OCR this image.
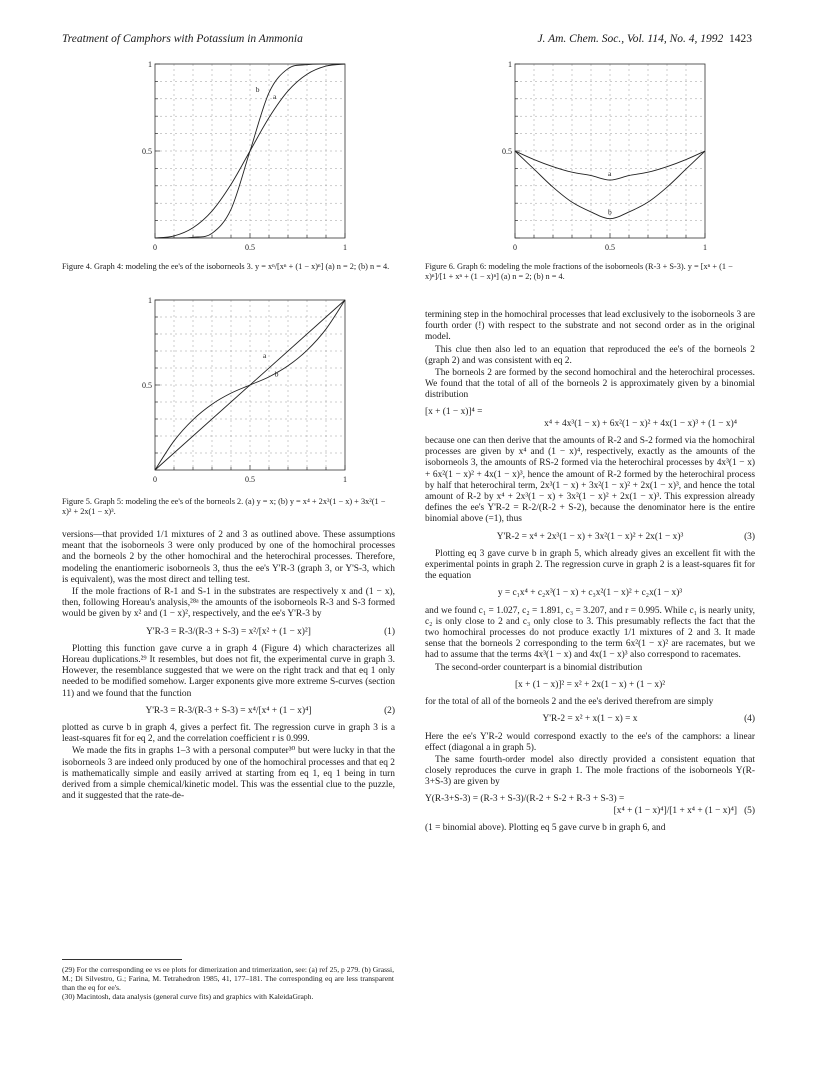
Treatment of Camphors with Potassium in Ammonia	J. Am. Chem. Soc., Vol. 114, No. 4, 1992 1423
0	0.5	1
0.5
1
a
b
0	0.5	1
0.5
1
a
b
0	0.5	1
0.5
1
a
b
Figure 4. Graph 4: modeling the ee's of the isoborneols 3. y = xⁿ/[xⁿ + (1 − x)ⁿ] (a) n = 2; (b) n = 4.
Figure 5. Graph 5: modeling the ee's of the borneols 2. (a) y = x; (b) y = x⁴ + 2x³(1 − x) + 3x²(1 − x)² + 2x(1 − x)³.
Figure 6. Graph 6: modeling the mole fractions of the isoborneols (R-3 + S-3). y = [xⁿ + (1 − x)ⁿ]/[1 + xⁿ + (1 − x)ⁿ] (a) n = 2; (b) n = 4.

versions—that provided 1/1 mixtures of 2 and 3 as outlined above. These assumptions meant that the isoborneols 3 were only produced by one of the homochiral processes and the borneols 2 by the other homochiral and the heterochiral processes. Therefore, modeling the enantiomeric isoborneols 3, thus the ee's Y'R-3 (graph 3, or Y'S-3, which is equivalent), was the most direct and telling test.

If the mole fractions of R-1 and S-1 in the substrates are respectively x and (1 − x), then, following Horeau's analysis,²⁸ᵃ the amounts of the isoborneols R-3 and S-3 formed would be given by x² and (1 − x)², respectively, and the ee's Y'R-3 by

Y'R-3 = R-3/(R-3 + S-3) = x²/[x² + (1 − x)²]	(1)

Plotting this function gave curve a in graph 4 (Figure 4) which characterizes all Horeau duplications.²⁹ It resembles, but does not fit, the experimental curve in graph 3. However, the resemblance suggested that we were on the right track and that eq 1 only needed to be modified somehow. Larger exponents give more extreme S-curves (section 11) and we found that the function

Y'R-3 = R-3/(R-3 + S-3) = x⁴/[x⁴ + (1 − x)⁴]	(2)

plotted as curve b in graph 4, gives a perfect fit. The regression curve in graph 3 is a least-squares fit for eq 2, and the correlation coefficient r is 0.999.

We made the fits in graphs 1–3 with a personal computer³⁰ but were lucky in that the isoborneols 3 are indeed only produced by one of the homochiral processes and that eq 2 is mathematically simple and easily arrived at starting from eq 1, eq 1 being in turn derived from a simple chemical/kinetic model. This was the essential clue to the puzzle, and it suggested that the rate-de-

(29) For the corresponding ee vs ee plots for dimerization and trimerization, see: (a) ref 25, p 279. (b) Grassi, M.; Di Silvestro, G.; Farina, M. Tetrahedron 1985, 41, 177–181. The corresponding eq are less transparent than the eq for ee's.

(30) Macintosh, data analysis (general curve fits) and graphics with KaleidaGraph.

termining step in the homochiral processes that lead exclusively to the isoborneols 3 are fourth order (!) with respect to the substrate and not second order as in the original model.

This clue then also led to an equation that reproduced the ee's of the borneols 2 (graph 2) and was consistent with eq 2.

The borneols 2 are formed by the second homochiral and the heterochiral processes. We found that the total of all of the borneols 2 is approximately given by a binomial distribution

[x + (1 − x)]⁴ =
x⁴ + 4x³(1 − x) + 6x²(1 − x)² + 4x(1 − x)³ + (1 − x)⁴

because one can then derive that the amounts of R-2 and S-2 formed via the homochiral processes are given by x⁴ and (1 − x)⁴, respectively, exactly as the amounts of the isoborneols 3, the amounts of RS-2 formed via the heterochiral processes by 4x³(1 − x) + 6x²(1 − x)² + 4x(1 − x)³, hence the amount of R-2 formed by the heterochiral process by half that heterochiral term, 2x³(1 − x) + 3x²(1 − x)² + 2x(1 − x)³, and hence the total amount of R-2 by x⁴ + 2x³(1 − x) + 3x²(1 − x)² + 2x(1 − x)³. This expression already defines the ee's Y'R-2 = R-2/(R-2 + S-2), because the denominator here is the entire binomial above (=1), thus

Y'R-2 = x⁴ + 2x³(1 − x) + 3x²(1 − x)² + 2x(1 − x)³	(3)

Plotting eq 3 gave curve b in graph 5, which already gives an excellent fit with the experimental points in graph 2. The regression curve in graph 2 is a least-squares fit for the equation

y = c₁x⁴ + c₂x³(1 − x) + c₃x²(1 − x)² + c₂x(1 − x)³

and we found c₁ = 1.027, c₂ = 1.891, c₃ = 3.207, and r = 0.995. While c₁ is nearly unity, c₂ is only close to 2 and c₃ only close to 3. This presumably reflects the fact that the two homochiral processes do not produce exactly 1/1 mixtures of 2 and 3. It made sense that the borneols 2 corresponding to the term 6x²(1 − x)² are racemates, but we had to assume that the terms 4x³(1 − x) and 4x(1 − x)³ also correspond to racemates.

The second-order counterpart is a binomial distribution

[x + (1 − x)]² = x² + 2x(1 − x) + (1 − x)²

for the total of all of the borneols 2 and the ee's derived therefrom are simply

Y'R-2 = x² + x(1 − x) = x	(4)

Here the ee's Y'R-2 would correspond exactly to the ee's of the camphors: a linear effect (diagonal a in graph 5).

The same fourth-order model also directly provided a consistent equation that closely reproduces the curve in graph 1. The mole fractions of the isoborneols Y(R-3+S-3) are given by

Y(R-3+S-3) = (R-3 + S-3)/(R-2 + S-2 + R-3 + S-3) =
[x⁴ + (1 − x)⁴]/[1 + x⁴ + (1 − x)⁴] (5)

(1 = binomial above). Plotting eq 5 gave curve b in graph 6, and
